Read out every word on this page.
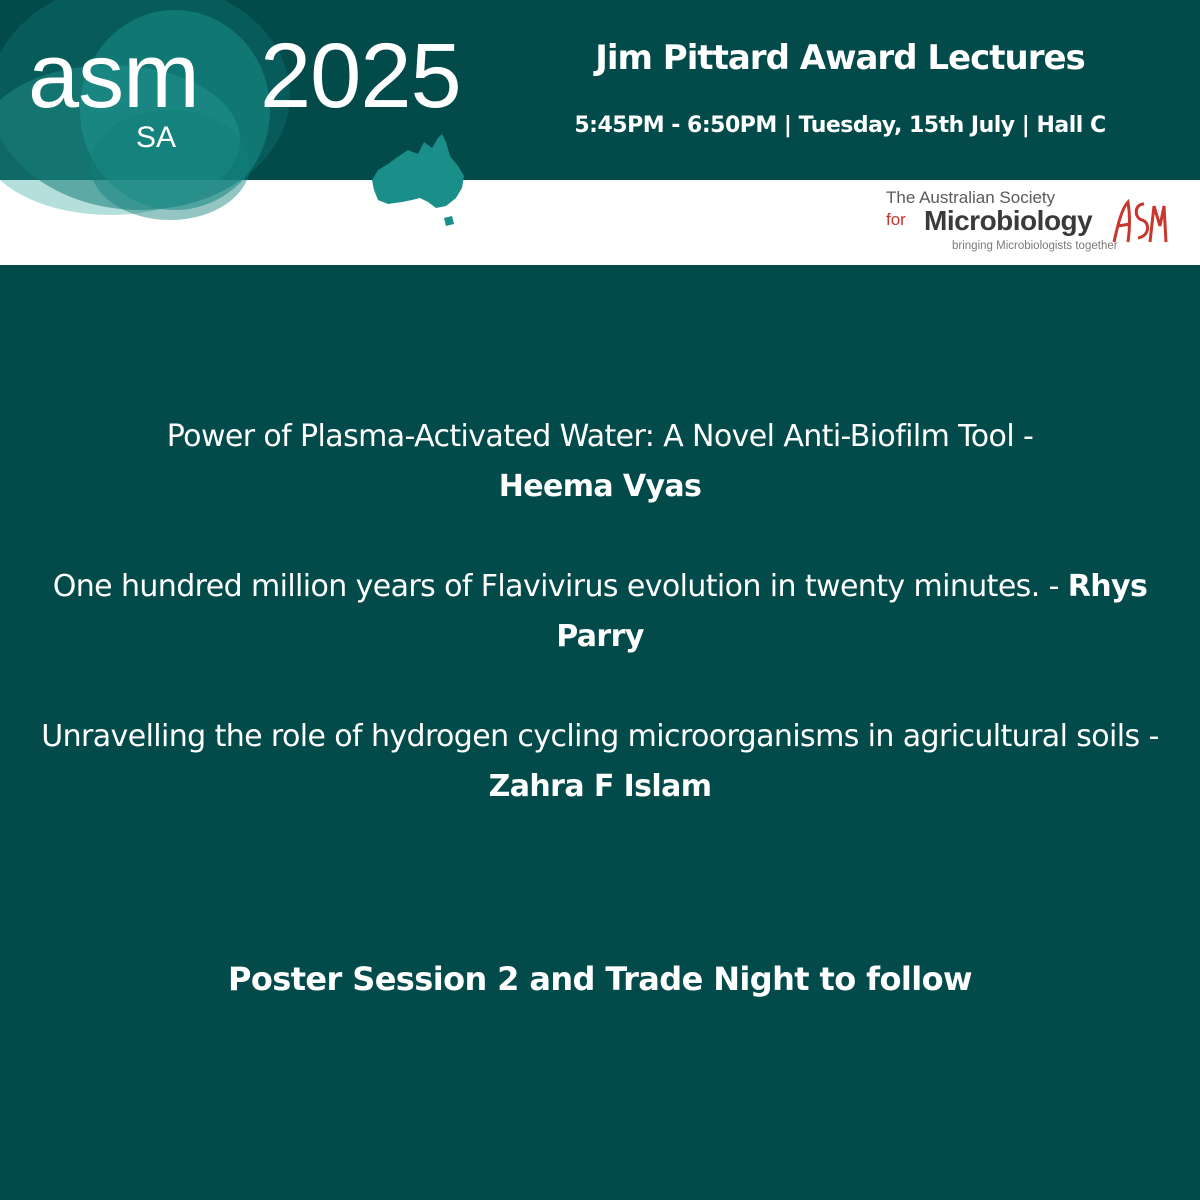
asm 2025
SA
Jim Pittard Award Lectures
5:45PM - 6:50PM | Tuesday, 15th July | Hall C
The Australian Society
for Microbiology
bringing Microbiologists together

Power of Plasma-Activated Water: A Novel Anti-Biofilm Tool -
Heema Vyas

One hundred million years of Flavivirus evolution in twenty minutes. - Rhys Parry

Unravelling the role of hydrogen cycling microorganisms in agricultural soils - Zahra F Islam

Poster Session 2 and Trade Night to follow
